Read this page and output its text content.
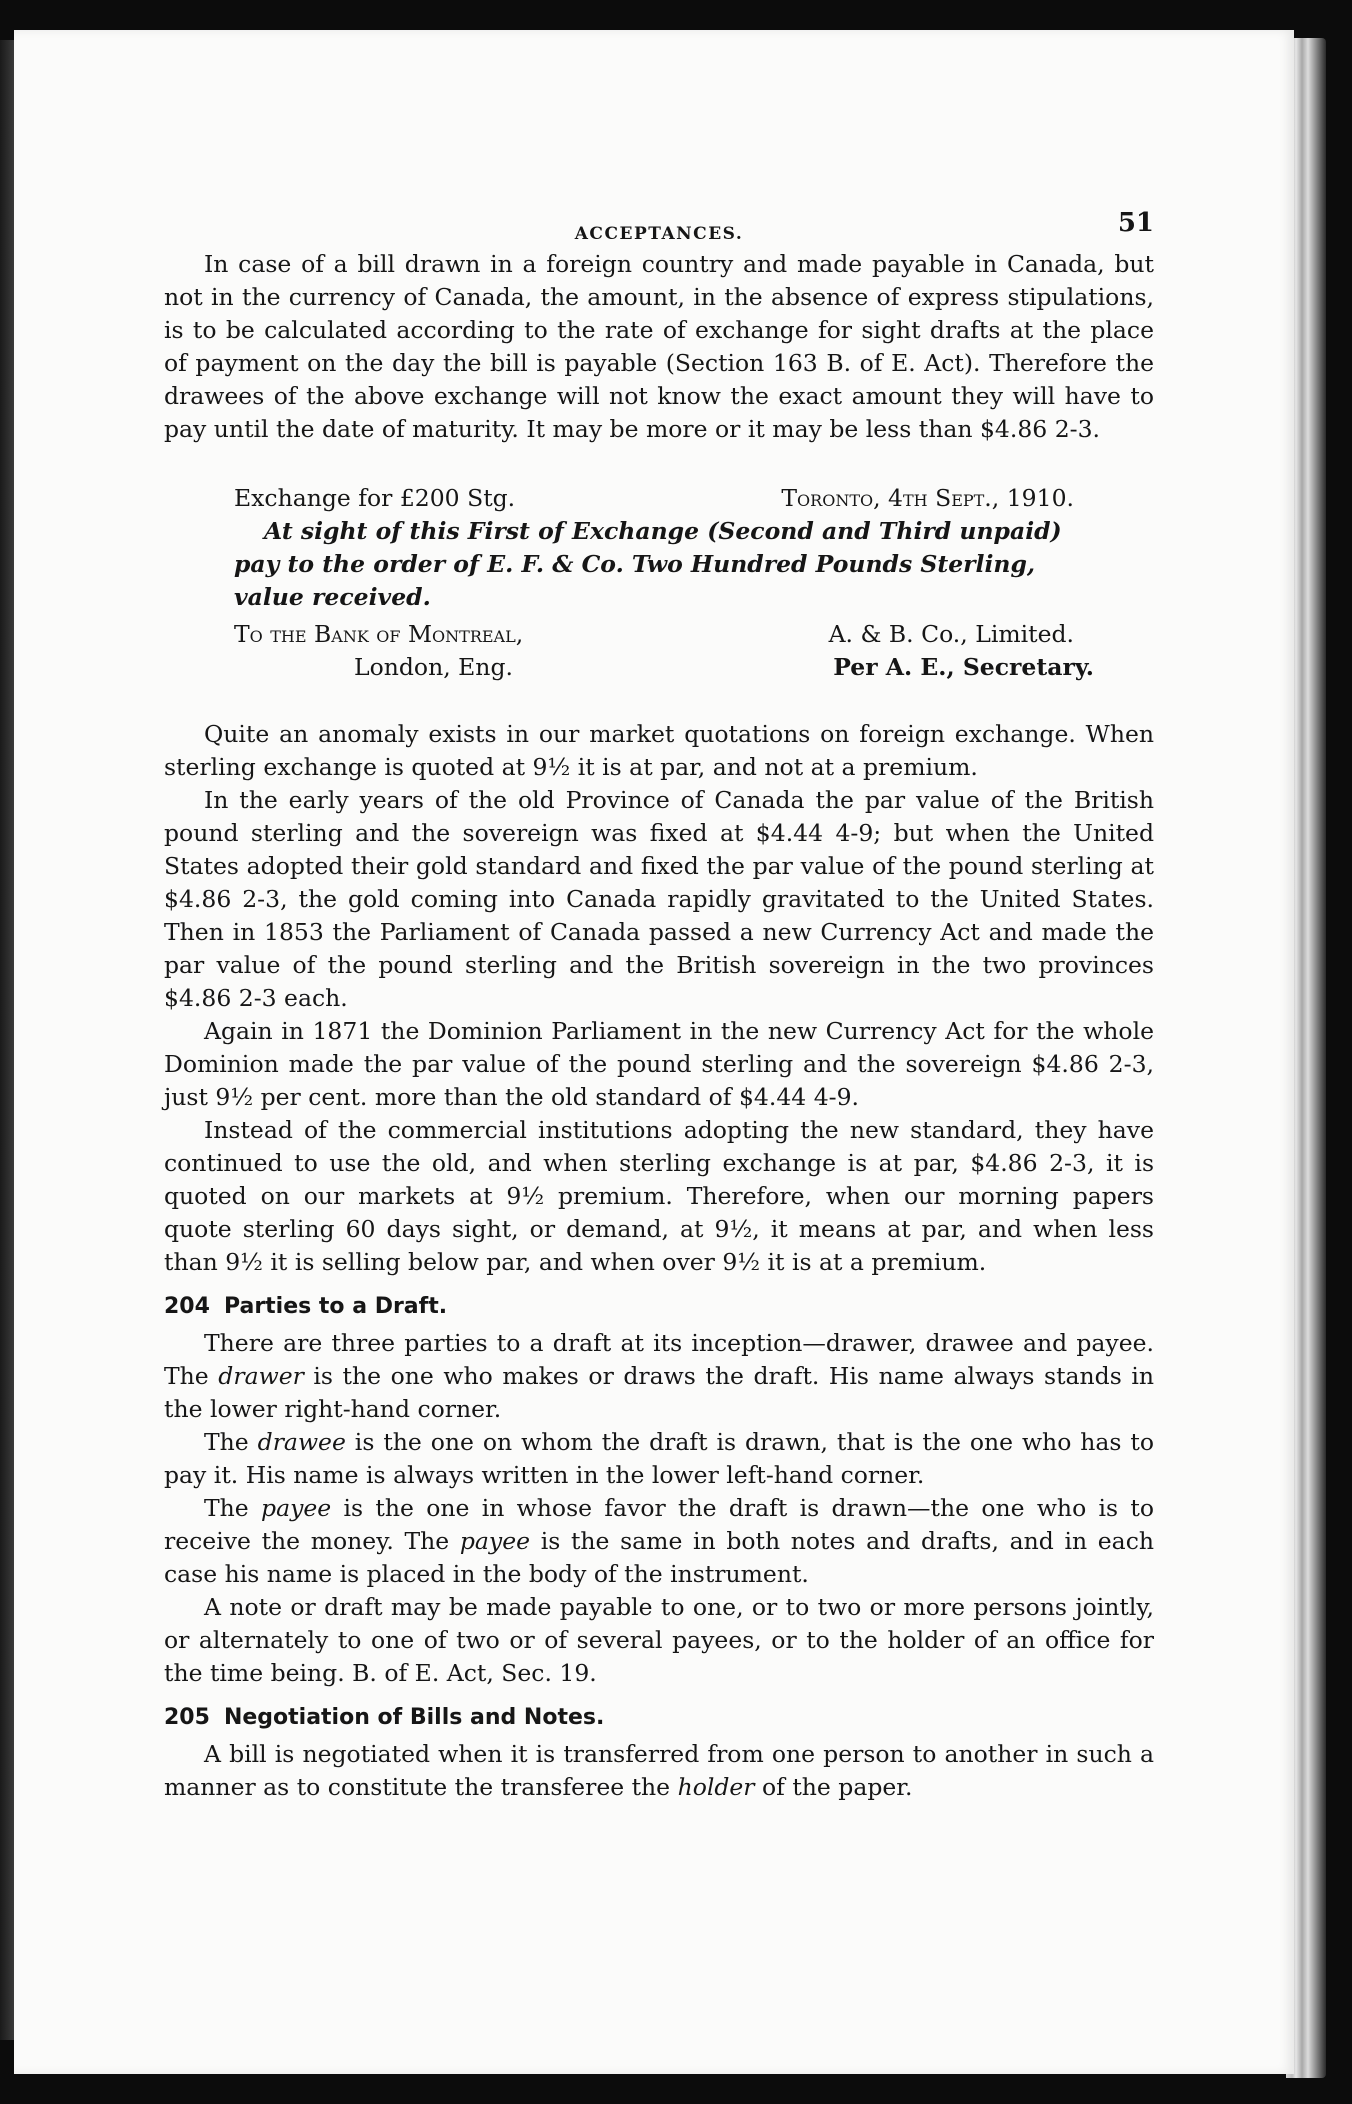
ACCEPTANCES.	51

In case of a bill drawn in a foreign country and made payable in Canada, but not in the currency of Canada, the amount, in the absence of express stipulations, is to be calculated according to the rate of exchange for sight drafts at the place of payment on the day the bill is payable (Section 163 B. of E. Act). Therefore the drawees of the above exchange will not know the exact amount they will have to pay until the date of maturity. It may be more or it may be less than $4.86 2-3.

Exchange for £200 Stg.	Toronto, 4th Sept., 1910.
At sight of this First of Exchange (Second and Third unpaid) pay to the order of E. F. & Co. Two Hundred Pounds Sterling, value received.
To the Bank of Montreal,	A. & B. Co., Limited.
London, Eng.	Per A. E., Secretary.

Quite an anomaly exists in our market quotations on foreign exchange. When sterling exchange is quoted at 9½ it is at par, and not at a premium.

In the early years of the old Province of Canada the par value of the British pound sterling and the sovereign was fixed at $4.44 4-9; but when the United States adopted their gold standard and fixed the par value of the pound sterling at $4.86 2-3, the gold coming into Canada rapidly gravitated to the United States. Then in 1853 the Parliament of Canada passed a new Currency Act and made the par value of the pound sterling and the British sovereign in the two provinces $4.86 2-3 each.

Again in 1871 the Dominion Parliament in the new Currency Act for the whole Dominion made the par value of the pound sterling and the sovereign $4.86 2-3, just 9½ per cent. more than the old standard of $4.44 4-9.

Instead of the commercial institutions adopting the new standard, they have continued to use the old, and when sterling exchange is at par, $4.86 2-3, it is quoted on our markets at 9½ premium. Therefore, when our morning papers quote sterling 60 days sight, or demand, at 9½, it means at par, and when less than 9½ it is selling below par, and when over 9½ it is at a premium.

204 Parties to a Draft.

There are three parties to a draft at its inception—drawer, drawee and payee. The drawer is the one who makes or draws the draft. His name always stands in the lower right-hand corner.

The drawee is the one on whom the draft is drawn, that is the one who has to pay it. His name is always written in the lower left-hand corner.

The payee is the one in whose favor the draft is drawn—the one who is to receive the money. The payee is the same in both notes and drafts, and in each case his name is placed in the body of the instrument.

A note or draft may be made payable to one, or to two or more persons jointly, or alternately to one of two or of several payees, or to the holder of an office for the time being. B. of E. Act, Sec. 19.

205 Negotiation of Bills and Notes.

A bill is negotiated when it is transferred from one person to another in such a manner as to constitute the transferee the holder of the paper.
